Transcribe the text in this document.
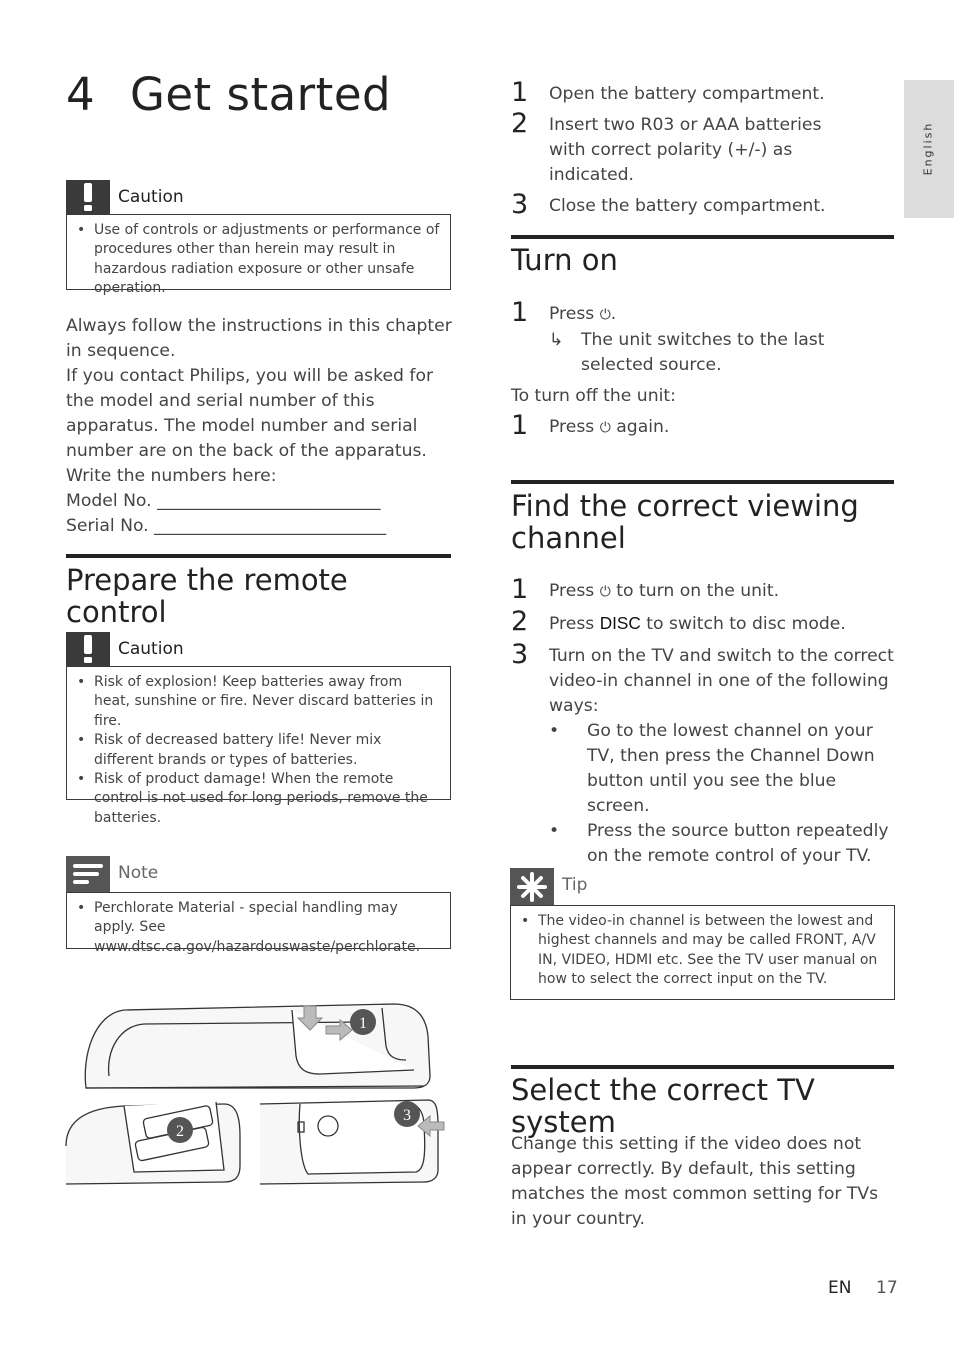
4 Get started
English
Caution
• Use of controls or adjustments or performance of procedures other than herein may result in hazardous radiation exposure or other unsafe operation.
Always follow the instructions in this chapter in sequence.
If you contact Philips, you will be asked for the model and serial number of this apparatus. The model number and serial number are on the back of the apparatus. Write the numbers here:
Model No. __________________________
Serial No. ___________________________
Prepare the remote control
Caution
• Risk of explosion! Keep batteries away from heat, sunshine or fire. Never discard batteries in fire.
• Risk of decreased battery life! Never mix different brands or types of batteries.
• Risk of product damage! When the remote control is not used for long periods, remove the batteries.
Note
• Perchlorate Material - special handling may apply. See www.dtsc.ca.gov/hazardouswaste/perchlorate.
1
2
3
1 Open the battery compartment.
2 Insert two R03 or AAA batteries with correct polarity (+/-) as indicated.
3 Close the battery compartment.
Turn on
1 Press ⏻.
↳ The unit switches to the last selected source.
To turn off the unit:
1 Press ⏻ again.
Find the correct viewing channel
1 Press ⏻ to turn on the unit.
2 Press DISC to switch to disc mode.
3 Turn on the TV and switch to the correct video-in channel in one of the following ways:
• Go to the lowest channel on your TV, then press the Channel Down button until you see the blue screen.
• Press the source button repeatedly on the remote control of your TV.
Tip
• The video-in channel is between the lowest and highest channels and may be called FRONT, A/V IN, VIDEO, HDMI etc. See the TV user manual on how to select the correct input on the TV.
Select the correct TV system
Change this setting if the video does not appear correctly. By default, this setting matches the most common setting for TVs in your country.
EN 17
